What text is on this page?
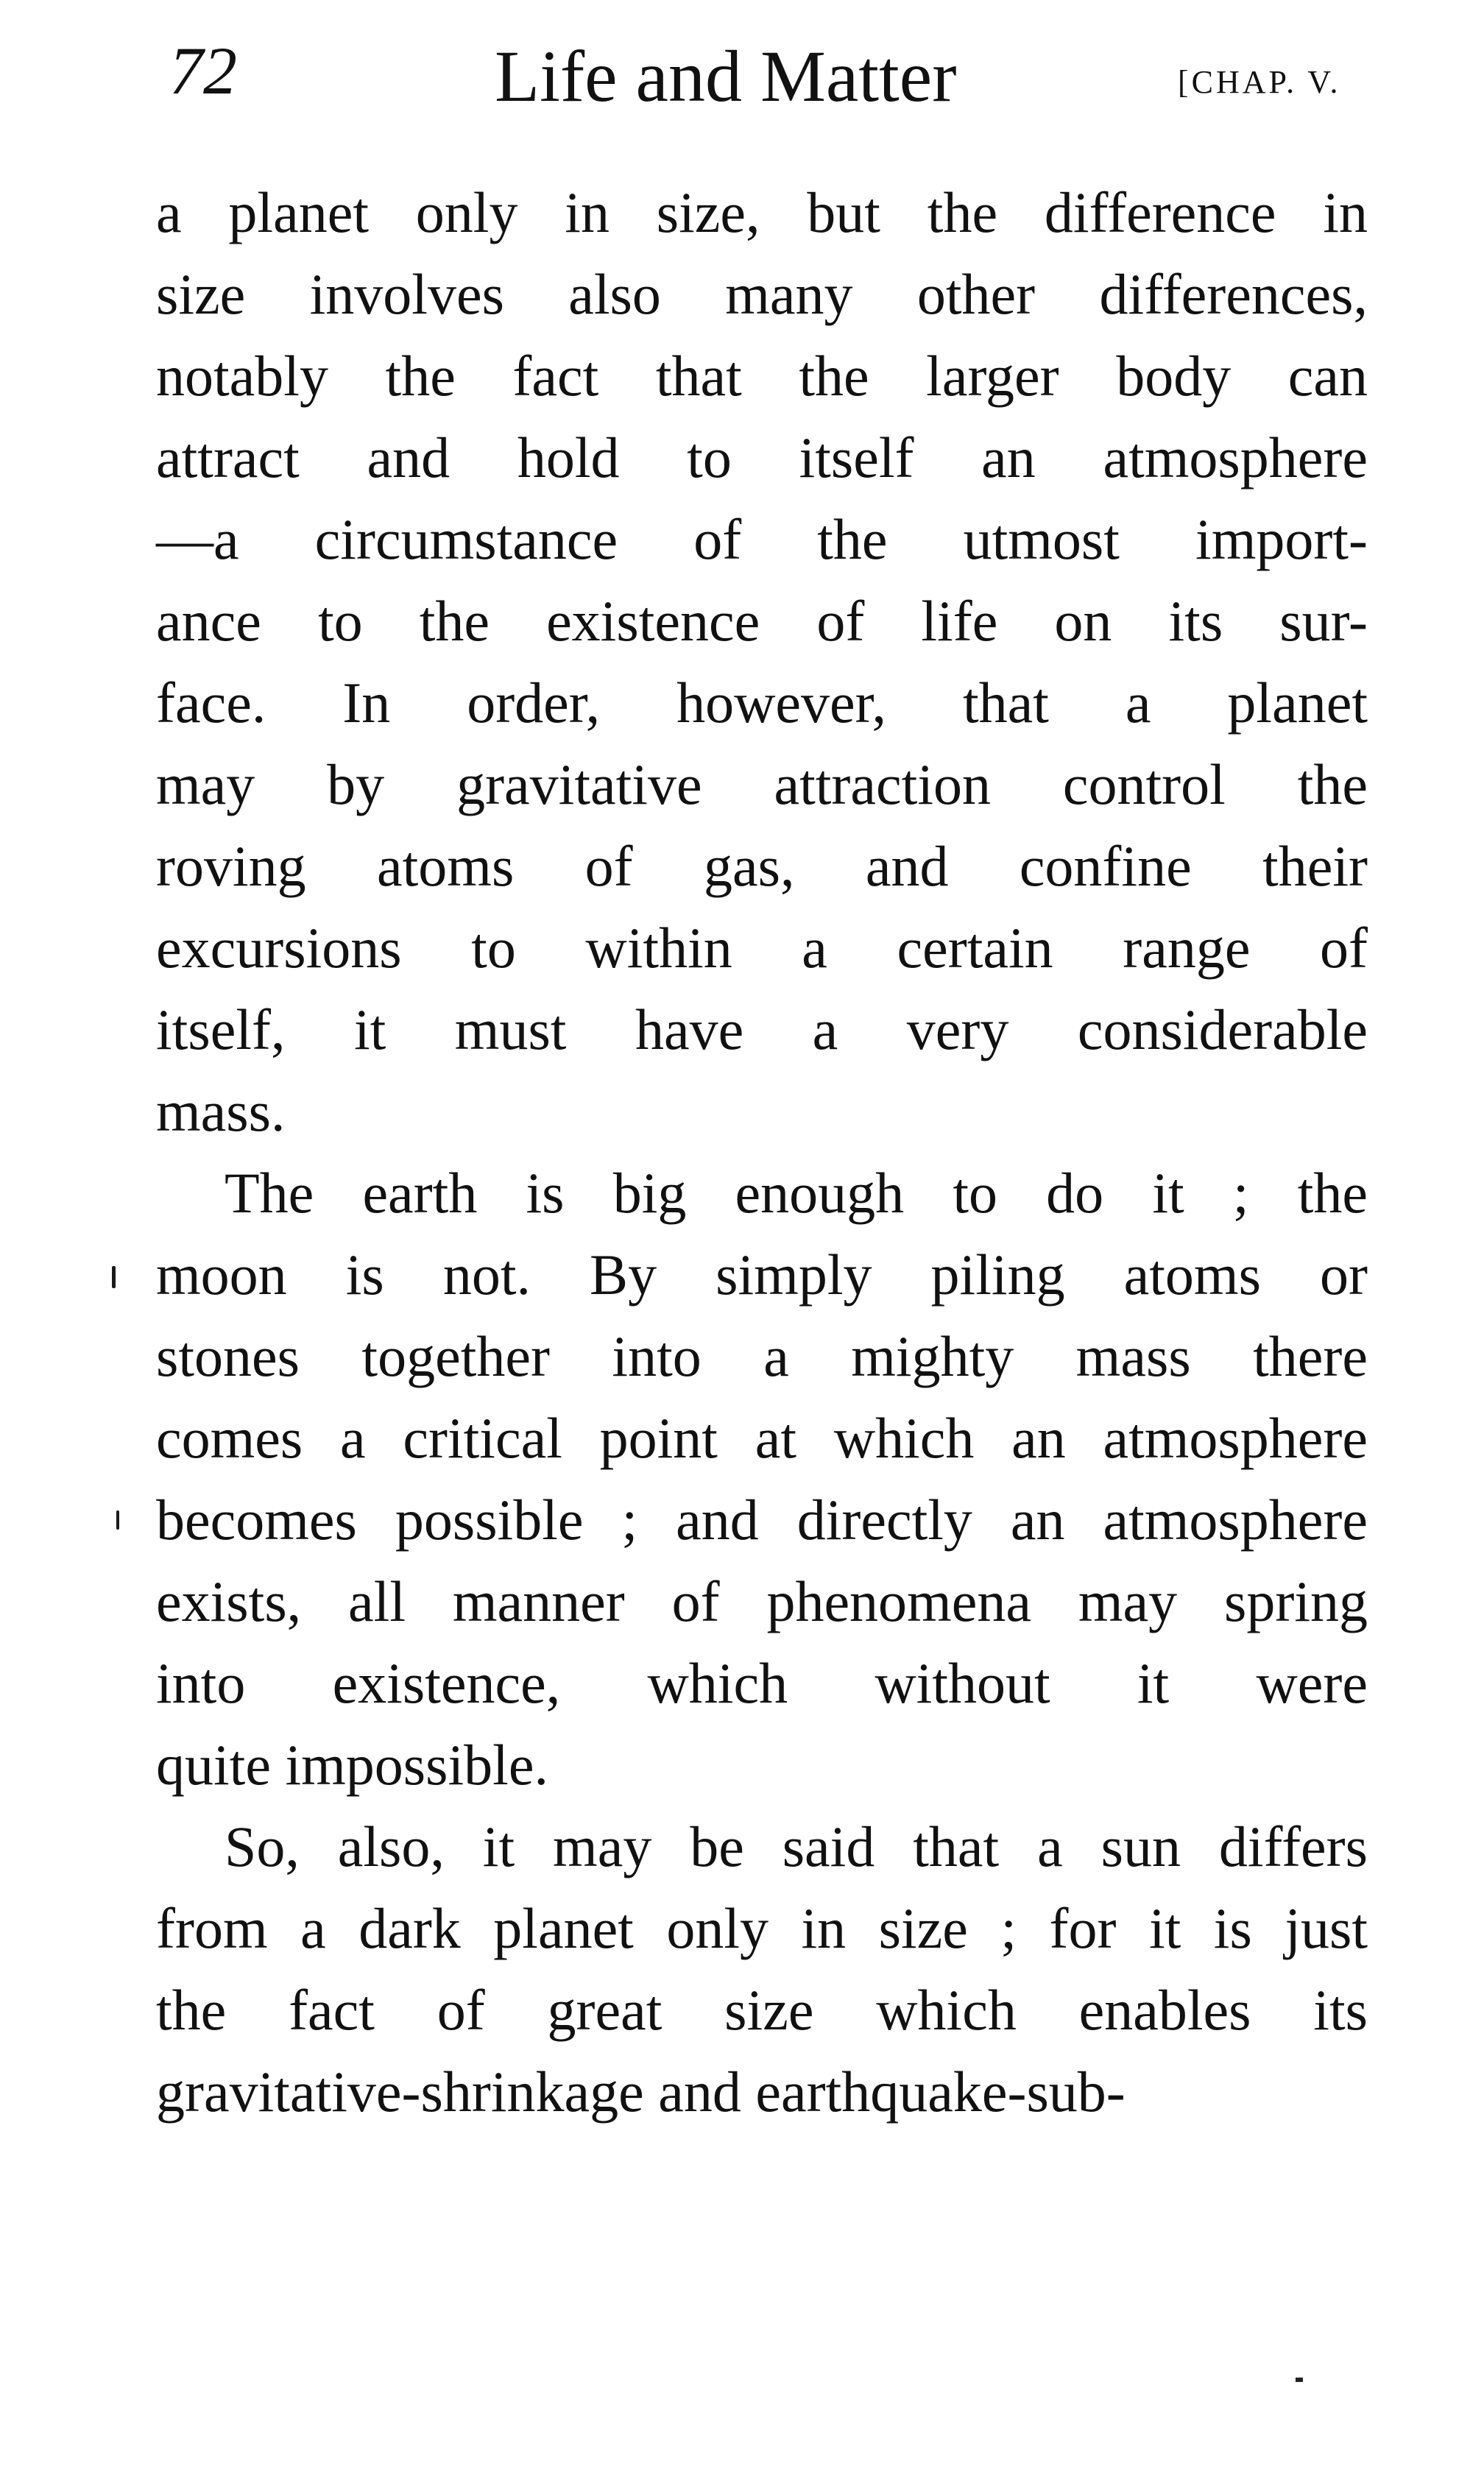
72	Life and Matter	[CHAP. V.
a planet only in size, but the difference in
size involves also many other differences,
notably the fact that the larger body can
attract and hold to itself an atmosphere
—a circumstance of the utmost import-
ance to the existence of life on its sur-
face. In order, however, that a planet
may by gravitative attraction control the
roving atoms of gas, and confine their
excursions to within a certain range of
itself, it must have a very considerable
mass.
The earth is big enough to do it ; the
moon is not. By simply piling atoms or
stones together into a mighty mass there
comes a critical point at which an atmosphere
becomes possible ; and directly an atmosphere
exists, all manner of phenomena may spring
into existence, which without it were
quite impossible.
So, also, it may be said that a sun differs
from a dark planet only in size ; for it is just
the fact of great size which enables its
gravitative-shrinkage and earthquake-sub-
